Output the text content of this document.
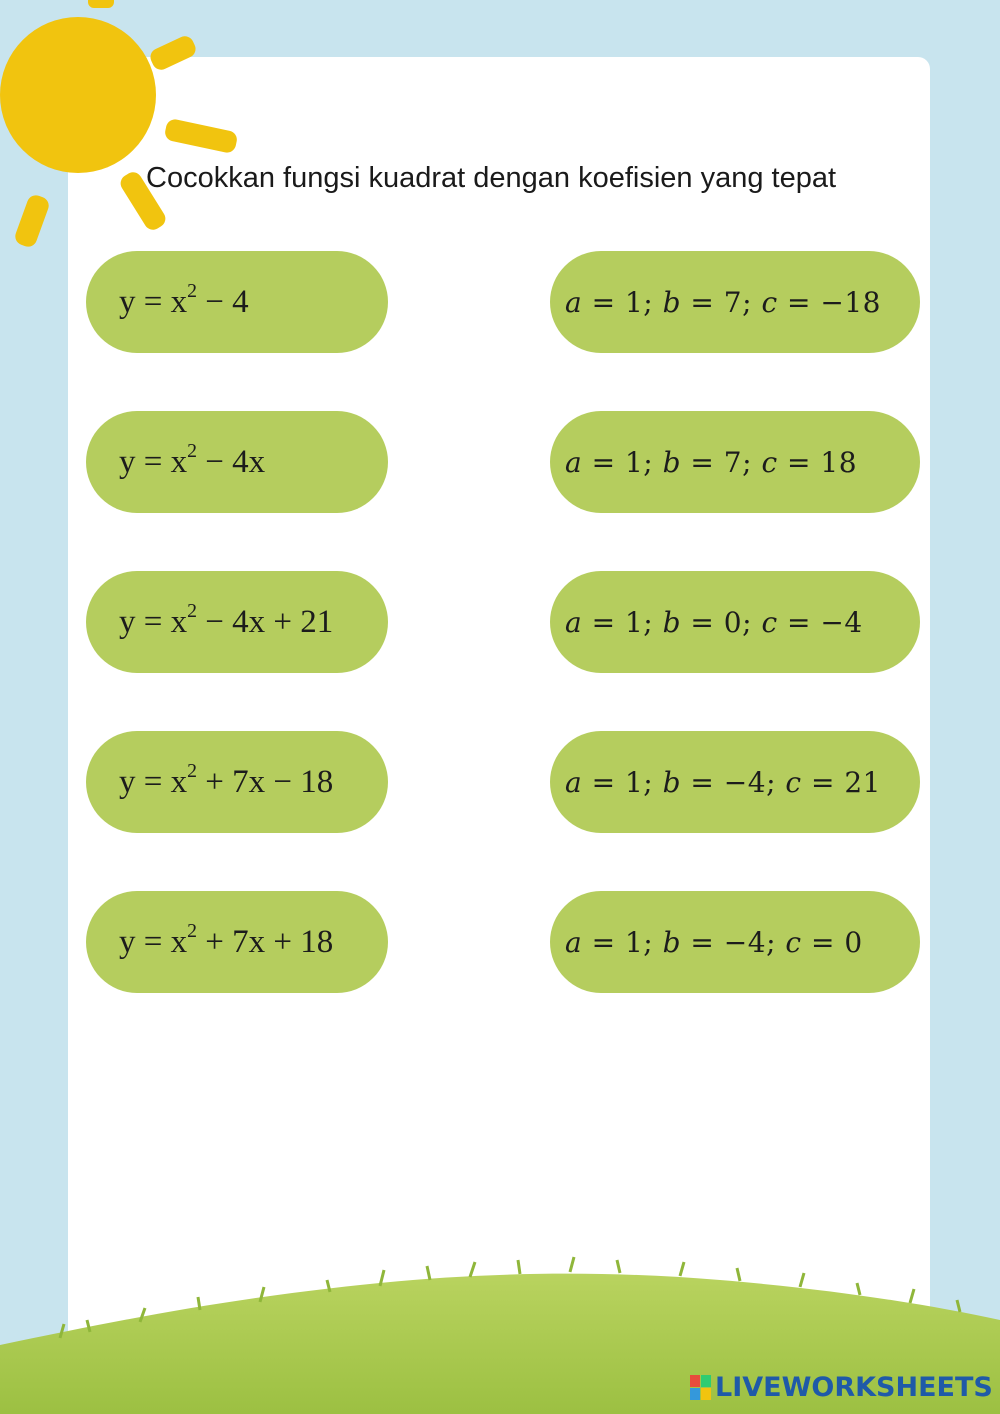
Cocokkan fungsi kuadrat dengan koefisien yang tepat
$y = x^2 - 4$
$y = x^2 - 4x$
$y = x^2 - 4x + 21$
$y = x^2 + 7x - 18$
$y = x^2 + 7x + 18$
𝑎 = 1; 𝑏 = 7; 𝑐 = −18
𝑎 = 1; 𝑏 = 7; 𝑐 = 18
𝑎 = 1; 𝑏 = 0; 𝑐 = −4
𝑎 = 1; 𝑏 = −4; 𝑐 = 21
𝑎 = 1; 𝑏 = −4; 𝑐 = 0
LIVEWORKSHEETS
